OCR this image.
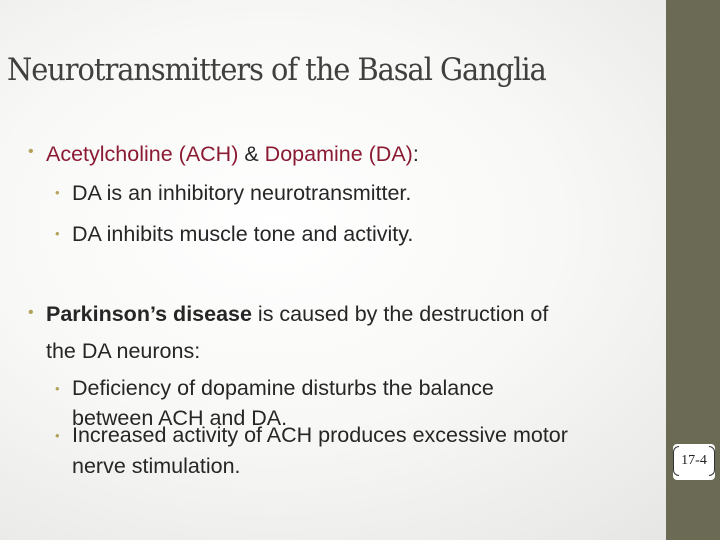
Neurotransmitters of the Basal Ganglia
• Acetylcholine (ACH) & Dopamine (DA):
• DA is an inhibitory neurotransmitter.
• DA inhibits muscle tone and activity.
• Parkinson’s disease is caused by the destruction of
the DA neurons:
• Deficiency of dopamine disturbs the balance
between ACH and DA.
• Increased activity of ACH produces excessive motor
nerve stimulation.	17-4
